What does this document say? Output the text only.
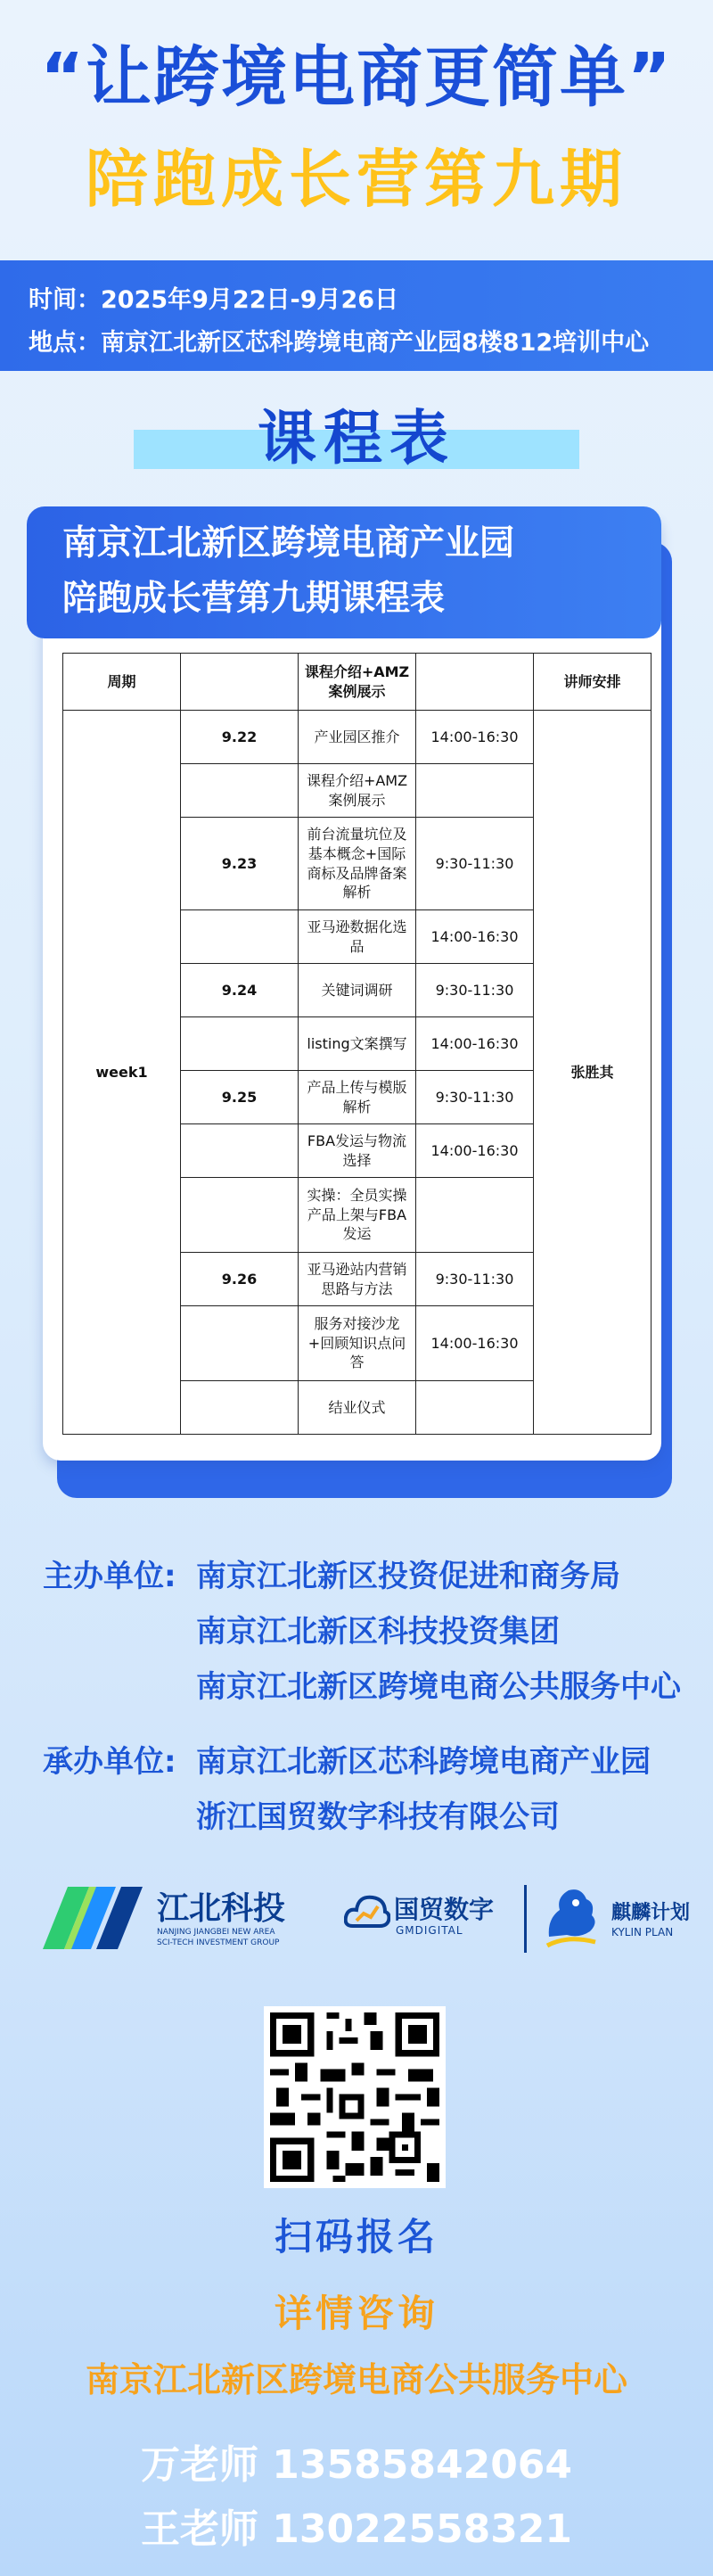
“让跨境电商更简单”
陪跑成长营第九期
时间：2025年9月22日-9月26日
地点：南京江北新区芯科跨境电商产业园8楼812培训中心
课程表
南京江北新区跨境电商产业园
陪跑成长营第九期课程表
周期		课程介绍+AMZ案例展示		讲师安排
week1	9.22	产业园区推介	14:00-16:30	张胜其
		课程介绍+AMZ案例展示		
	9.23	前台流量坑位及基本概念+国际商标及品牌备案解析	9:30-11:30	
		亚马逊数据化选品	14:00-16:30	
	9.24	关键词调研	9:30-11:30	
		listing文案撰写	14:00-16:30	
	9.25	产品上传与模版解析	9:30-11:30	
		FBA发运与物流选择	14:00-16:30	
		实操：全员实操产品上架与FBA发运		
	9.26	亚马逊站内营销思路与方法	9:30-11:30	
		服务对接沙龙+回顾知识点问答	14:00-16:30	
		结业仪式		
主办单位: 南京江北新区投资促进和商务局
南京江北新区科技投资集团
南京江北新区跨境电商公共服务中心
承办单位: 南京江北新区芯科跨境电商产业园
浙江国贸数字科技有限公司
江北科投
NANJING JIANGBEI NEW AREA
SCI-TECH INVESTMENT GROUP
国贸数字
GMDIGITAL
麒麟计划
KYLIN PLAN
扫码报名
详情咨询
南京江北新区跨境电商公共服务中心
万老师 13585842064
王老师 13022558321
